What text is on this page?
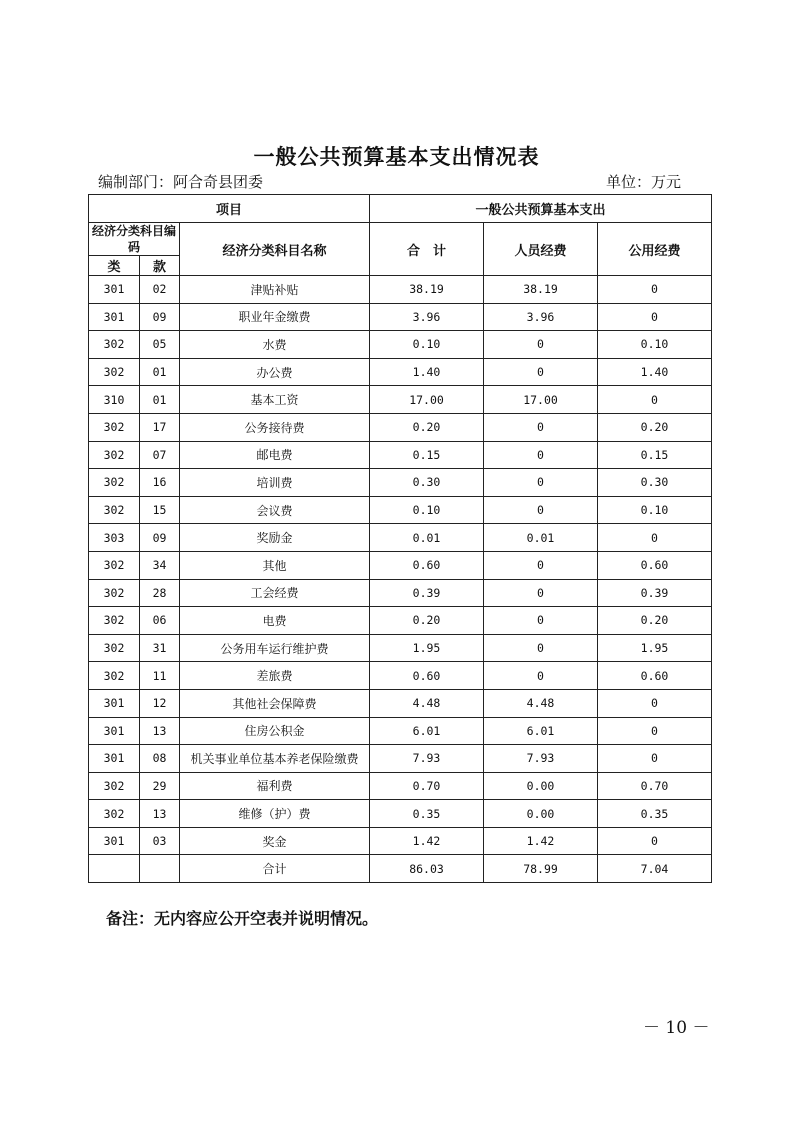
一般公共预算基本支出情况表
编制部门：阿合奇县团委	单位：万元
项目			一般公共预算基本支出		
经济分类科目编码		经济分类科目名称	合　计	人员经费	公用经费
类	款				
301	02	津贴补贴	38.19	38.19	0
301	09	职业年金缴费	3.96	3.96	0
302	05	水费	0.10	0	0.10
302	01	办公费	1.40	0	1.40
310	01	基本工资	17.00	17.00	0
302	17	公务接待费	0.20	0	0.20
302	07	邮电费	0.15	0	0.15
302	16	培训费	0.30	0	0.30
302	15	会议费	0.10	0	0.10
303	09	奖励金	0.01	0.01	0
302	34	其他	0.60	0	0.60
302	28	工会经费	0.39	0	0.39
302	06	电费	0.20	0	0.20
302	31	公务用车运行维护费	1.95	0	1.95
302	11	差旅费	0.60	0	0.60
301	12	其他社会保障费	4.48	4.48	0
301	13	住房公积金	6.01	6.01	0
301	08	机关事业单位基本养老保险缴费	7.93	7.93	0
302	29	福利费	0.70	0.00	0.70
302	13	维修（护）费	0.35	0.00	0.35
301	03	奖金	1.42	1.42	0
		合计	86.03	78.99	7.04
备注：无内容应公开空表并说明情况。
－ 10 －
